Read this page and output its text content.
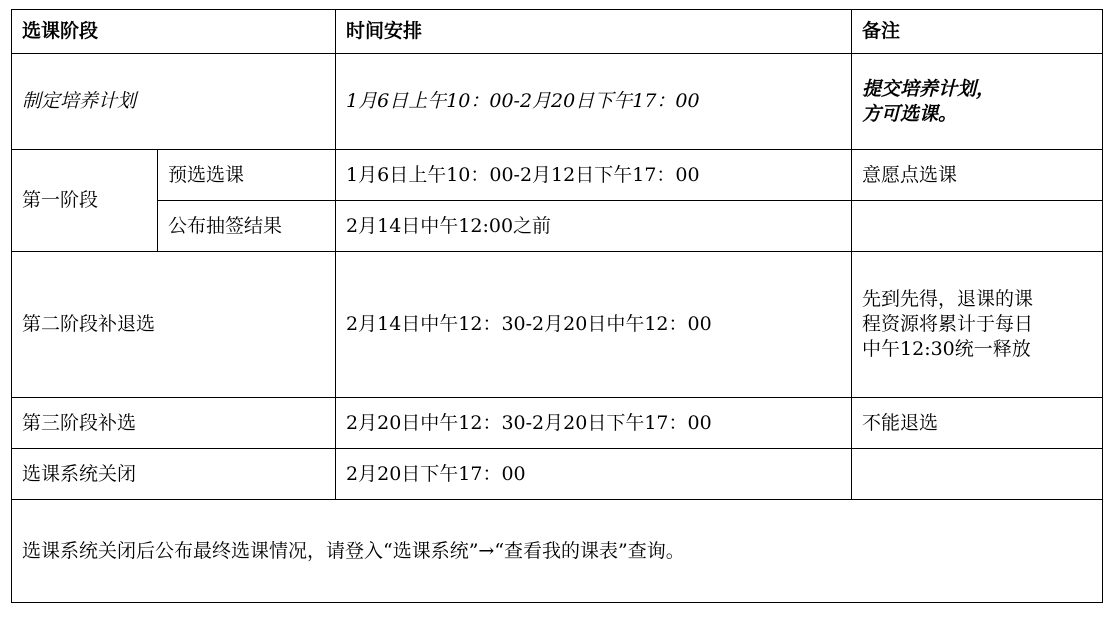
选课阶段		时间安排	备注
制定培养计划		1月6日上午10：00-2月20日下午17：00	提交培养计划，
方可选课。

第一阶段	预选选课	1月6日上午10：00-2月12日下午17：00	意愿点选课
	公布抽签结果	2月14日中午12:00之前	
第二阶段补退选		2月14日中午12：30-2月20日中午12：00	先到先得，退课的课
程资源将累计于每日
中午12:30统一释放

第三阶段补选		2月20日中午12：30-2月20日下午17：00	不能退选
选课系统关闭		2月20日下午17：00	
选课系统关闭后公布最终选课情况，请登入“选课系统”→“查看我的课表”查询。			
